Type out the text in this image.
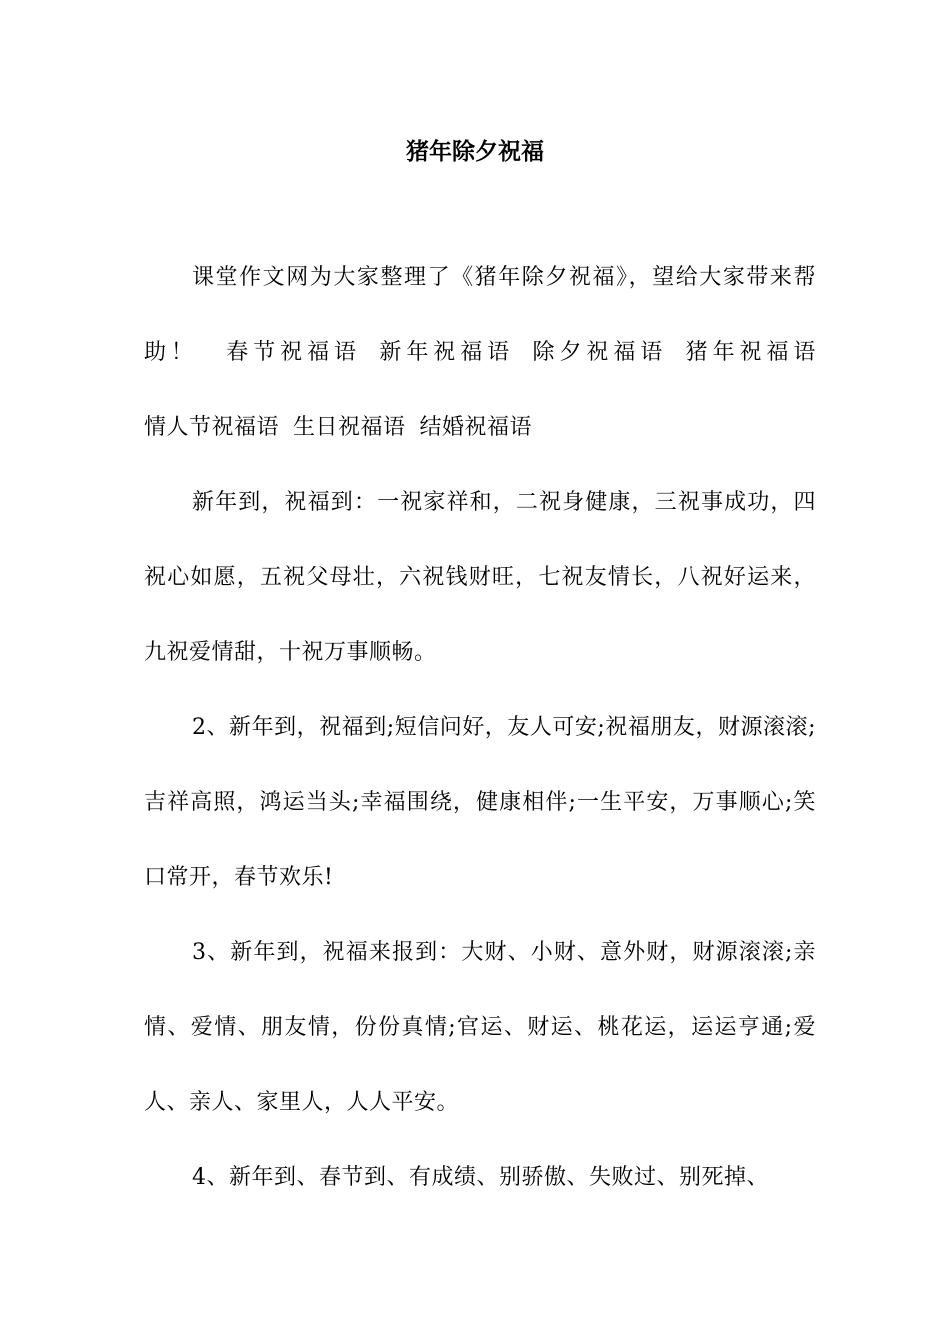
猪年除夕祝福

课堂作文网为大家整理了《猪年除夕祝福》，望给大家带来帮助！ 春节祝福语 新年祝福语 除夕祝福语 猪年祝福语 情人节祝福语 生日祝福语 结婚祝福语

新年到，祝福到：一祝家祥和，二祝身健康，三祝事成功，四祝心如愿，五祝父母壮，六祝钱财旺，七祝友情长，八祝好运来，九祝爱情甜，十祝万事顺畅。

2、新年到，祝福到;短信问好，友人可安;祝福朋友，财源滚滚;吉祥高照，鸿运当头;幸福围绕，健康相伴;一生平安，万事顺心;笑口常开，春节欢乐!

3、新年到，祝福来报到：大财、小财、意外财，财源滚滚;亲情、爱情、朋友情，份份真情;官运、财运、桃花运，运运亨通;爱人、亲人、家里人，人人平安。

4、新年到、春节到、有成绩、别骄傲、失败过、别死掉、
